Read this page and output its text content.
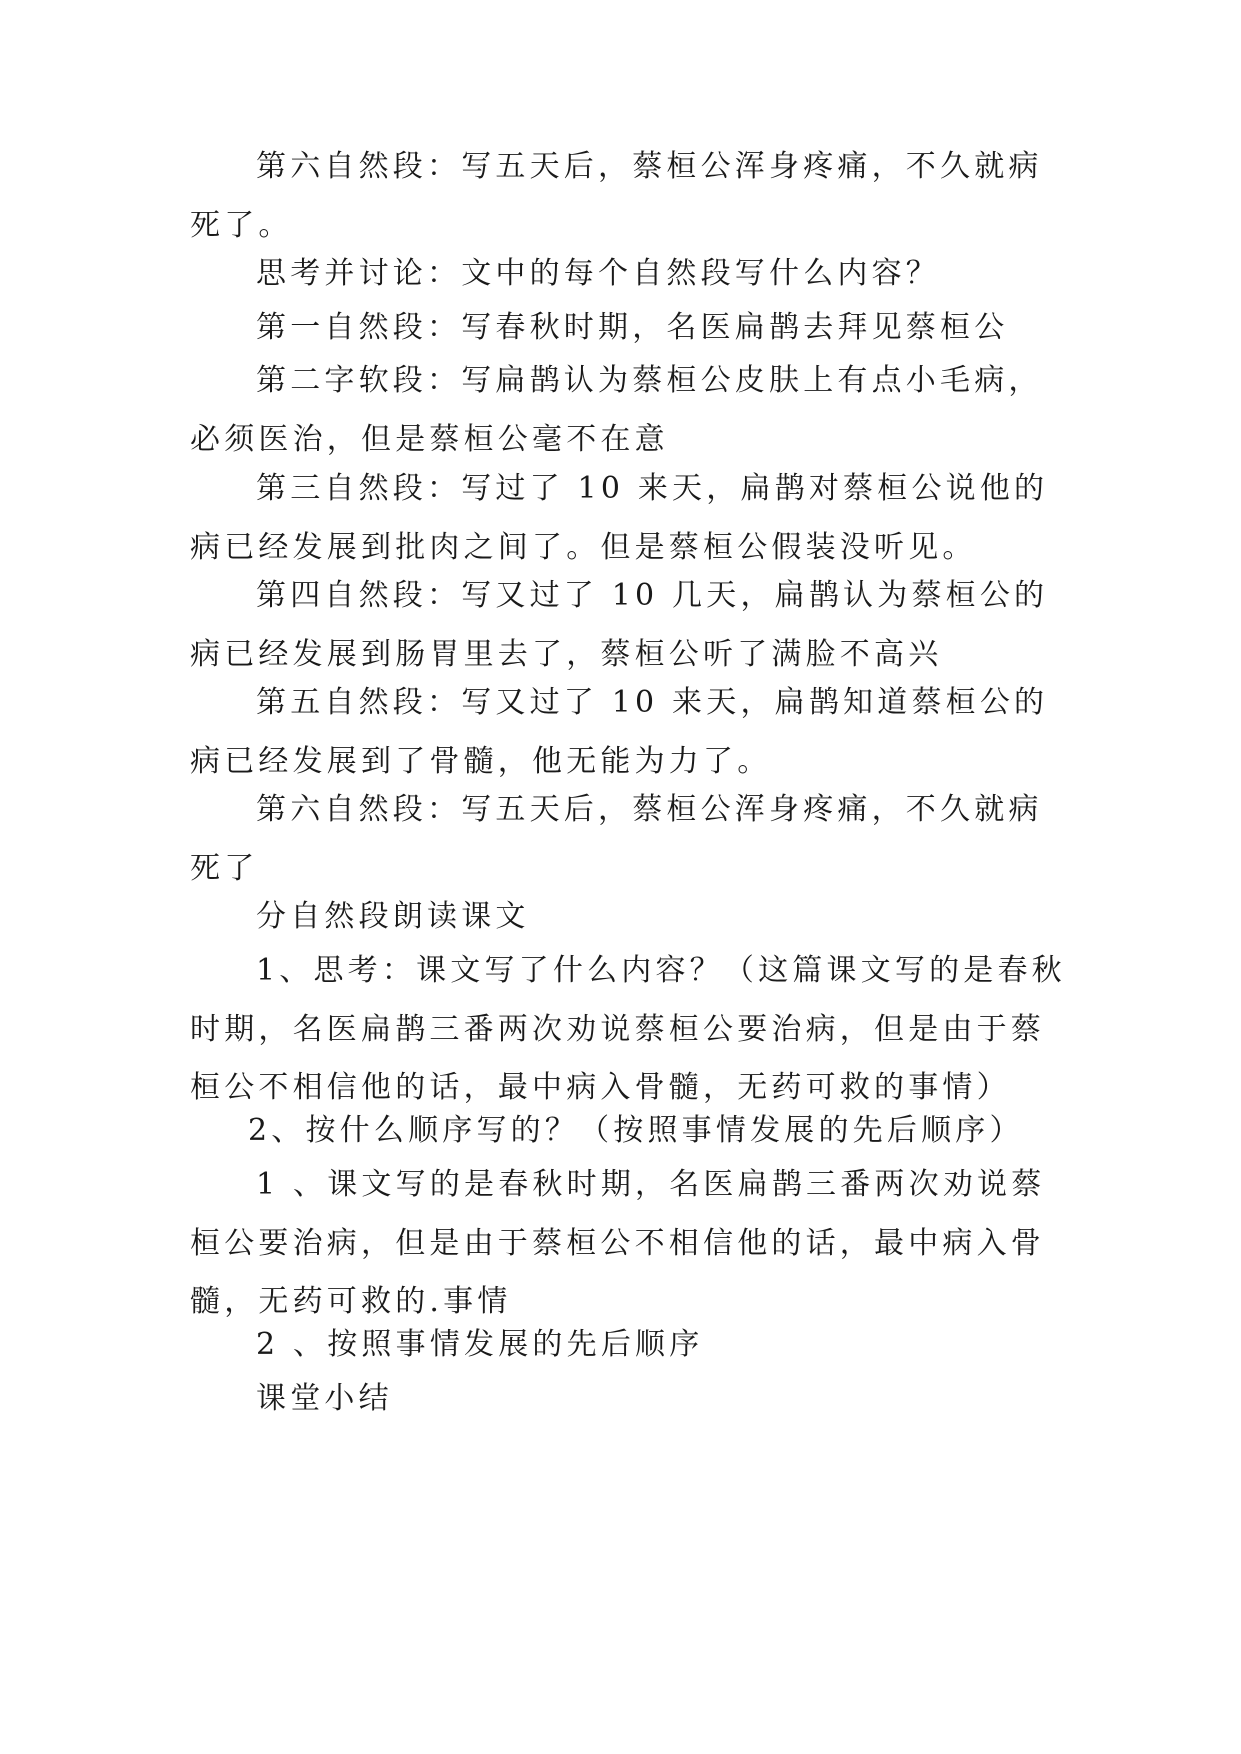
第六自然段：写五天后，蔡桓公浑身疼痛，不久就病死了。

思考并讨论：文中的每个自然段写什么内容？

第一自然段：写春秋时期，名医扁鹊去拜见蔡桓公

第二字软段：写扁鹊认为蔡桓公皮肤上有点小毛病，必须医治，但是蔡桓公毫不在意

第三自然段：写过了 10 来天，扁鹊对蔡桓公说他的病已经发展到批肉之间了。但是蔡桓公假装没听见。

第四自然段：写又过了 10 几天，扁鹊认为蔡桓公的病已经发展到肠胃里去了，蔡桓公听了满脸不高兴

第五自然段：写又过了 10 来天，扁鹊知道蔡桓公的病已经发展到了骨髓，他无能为力了。

第六自然段：写五天后，蔡桓公浑身疼痛，不久就病死了

分自然段朗读课文

1、思考：课文写了什么内容？（这篇课文写的是春秋时期，名医扁鹊三番两次劝说蔡桓公要治病，但是由于蔡桓公不相信他的话，最中病入骨髓，无药可救的事情）

2、按什么顺序写的？（按照事情发展的先后顺序）

1 、课文写的是春秋时期，名医扁鹊三番两次劝说蔡桓公要治病，但是由于蔡桓公不相信他的话，最中病入骨髓，无药可救的.事情

2 、按照事情发展的先后顺序

课堂小结
